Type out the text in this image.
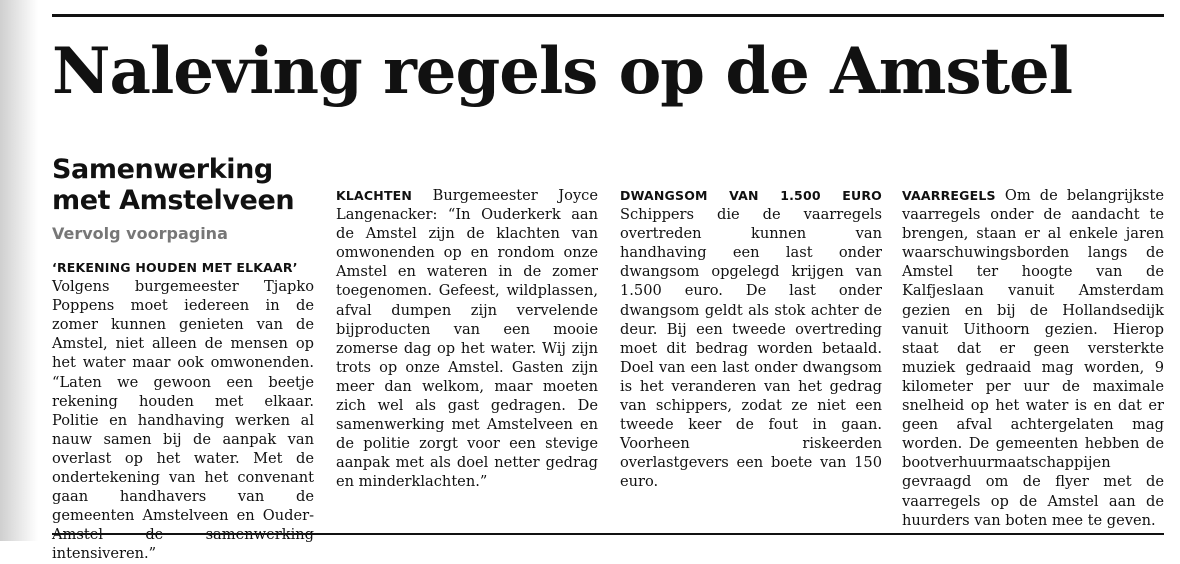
Naleving regels op de Amstel
Samenwerking met Amstelveen
Vervolg voorpagina

‘REKENING HOUDEN MET ELKAAR’
Volgens burgemeester Tjapko Poppens moet iedereen in de zomer kunnen genieten van de Amstel, niet alleen de mensen op het water maar ook omwonenden. “Laten we gewoon een beetje rekening houden met elkaar. Politie en handhaving werken al nauw samen bij de aanpak van overlast op het water. Met de ondertekening van het convenant gaan handhavers van de gemeenten Amstelveen en Ouder- intensiveren.”

KLACHTEN Burgemeester Joyce Langenacker: “In Ouderkerk aan de Amstel zijn de klachten van omwonenden op en rondom onze Amstel en wateren in de zomer toegenomen. Gefeest, wildplassen, afval dumpen zijn vervelende bijproducten van een mooie zomerse dag op het water. Wij zijn trots op onze Amstel. Gasten zijn meer dan welkom, maar moeten zich wel als gast gedragen. De samenwerking met Amstelveen en de politie zorgt voor een stevige aanpak met als doel netter gedrag en minderklachten.”

DWANGSOM VAN 1.500 EURO Schippers die de vaarregels overtreden kunnen van handhaving een last onder dwangsom opgelegd krijgen van 1.500 euro. De last onder dwangsom geldt als stok achter de deur. Bij een tweede overtreding moet dit bedrag worden betaald. Doel van een last onder dwangsom is het veranderen van het gedrag van schippers, zodat ze niet een tweede keer de fout in gaan. Voorheen riskeerden overlastgevers een boete van 150 euro.

VAARREGELS Om de belangrijkste vaarregels onder de aandacht te brengen, staan er al enkele jaren waarschuwingsborden langs de Amstel ter hoogte van de Kalfjeslaan vanuit Amsterdam gezien en bij de Hollandsedijk vanuit Uithoorn gezien. Hierop staat dat er geen versterkte muziek gedraaid mag worden, 9 kilometer per uur de maximale snelheid op het water is en dat er geen afval achtergelaten mag worden. De gemeenten hebben de bootverhuurmaatschappijen gevraagd om de flyer met de vaarregels op de Amstel aan de huurders van boten mee te geven.
